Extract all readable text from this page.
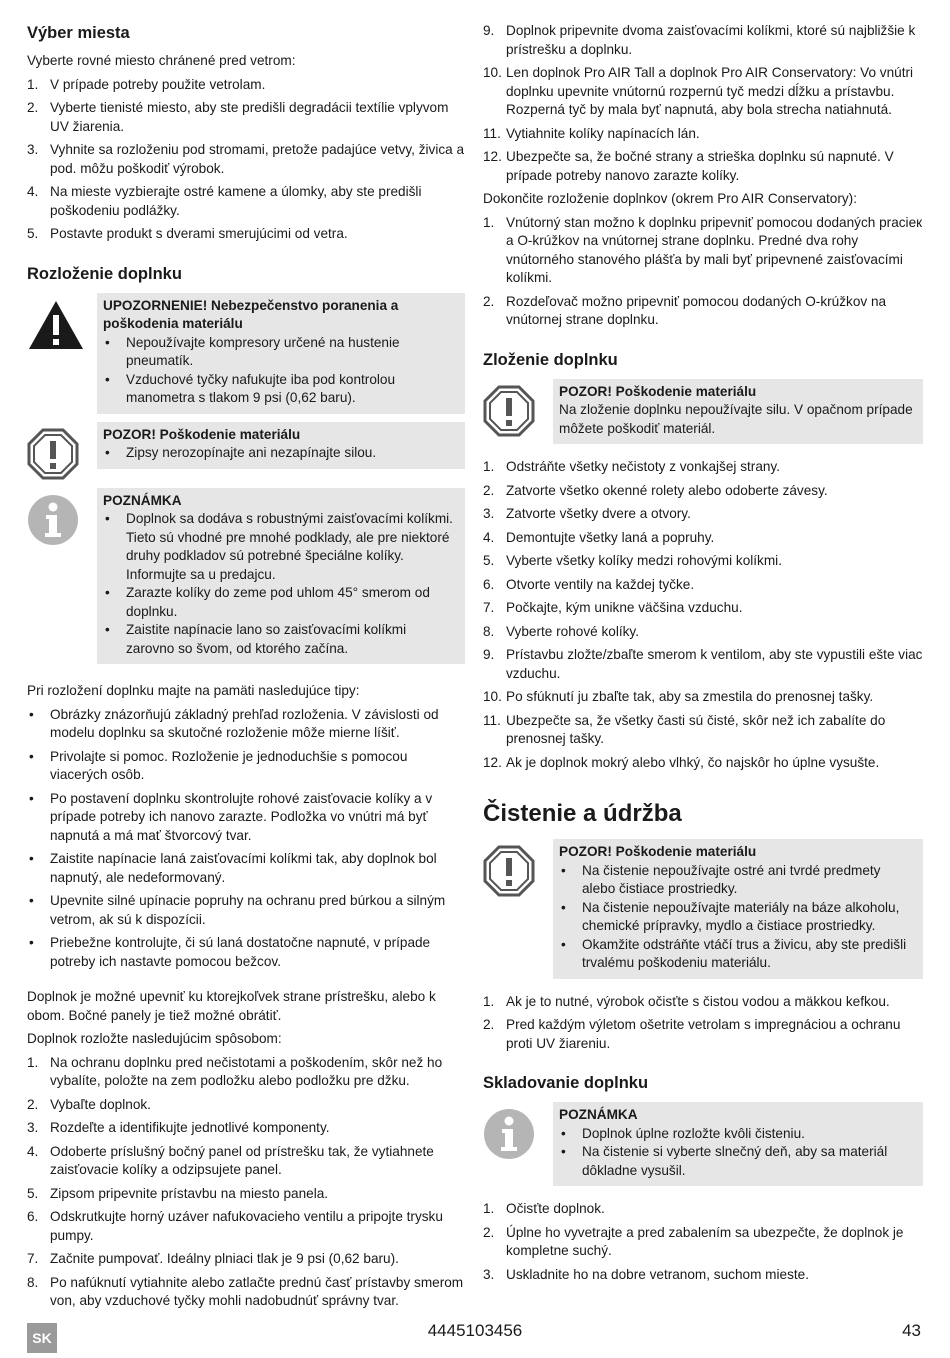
Výber miesta

Vyberte rovné miesto chránené pred vetrom:

1. V prípade potreby použite vetrolam.
2. Vyberte tienisté miesto, aby ste predišli degradácii textílie vplyvom UV žiarenia.
3. Vyhnite sa rozloženiu pod stromami, pretože padajúce vetvy, živica a pod. môžu poškodiť výrobok.
4. Na mieste vyzbierajte ostré kamene a úlomky, aby ste predišli poškodeniu podlážky.
5. Postavte produkt s dverami smerujúcimi od vetra.
Rozloženie doplnku
UPOZORNENIE! Nebezpečenstvo poranenia a poškodenia materiálu
• Nepoužívajte kompresory určené na hustenie pneumatík.
• Vzduchové tyčky nafukujte iba pod kontrolou manometra s tlakom 9 psi (0,62 baru).
POZOR! Poškodenie materiálu
• Zipsy nerozopínajte ani nezapínajte silou.
POZNÁMKA
• Doplnok sa dodáva s robustnými zaisťovacími kolíkmi. Tieto sú vhodné pre mnohé podklady, ale pre niektoré druhy podkladov sú potrebné špeciálne kolíky. Informujte sa u predajcu.
• Zarazte kolíky do zeme pod uhlom 45° smerom od doplnku.
• Zaistite napínacie lano so zaisťovacími kolíkmi zarovno so švom, od ktorého začína.

Pri rozložení doplnku majte na pamäti nasledujúce tipy:

• Obrázky znázorňujú základný prehľad rozloženia. V závislosti od modelu doplnku sa skutočné rozloženie môže mierne líšiť.
• Privolajte si pomoc. Rozloženie je jednoduchšie s pomocou viacerých osôb.
• Po postavení doplnku skontrolujte rohové zaisťovacie kolíky a v prípade potreby ich nanovo zarazte. Podložka vo vnútri má byť napnutá a má mať štvorcový tvar.
• Zaistite napínacie laná zaisťovacími kolíkmi tak, aby doplnok bol napnutý, ale nedeformovaný.
• Upevnite silné upínacie popruhy na ochranu pred búrkou a silným vetrom, ak sú k dispozícii.
• Priebežne kontrolujte, či sú laná dostatočne napnuté, v prípade potreby ich nastavte pomocou bežcov.

Doplnok je možné upevniť ku ktorejkoľvek strane prístrešku, alebo k obom. Bočné panely je tiež možné obrátiť.

Doplnok rozložte nasledujúcim spôsobom:

1. Na ochranu doplnku pred nečistotami a poškodením, skôr než ho vybalíte, položte na zem podložku alebo podložku pre džku.
2. Vybaľte doplnok.
3. Rozdeľte a identifikujte jednotlivé komponenty.
4. Odoberte príslušný bočný panel od prístrešku tak, že vytiahnete zaisťovacie kolíky a odzipsujete panel.
5. Zipsom pripevnite prístavbu na miesto panela.
6. Odskrutkujte horný uzáver nafukovacieho ventilu a pripojte trysku pumpy.
7. Začnite pumpovať. Ideálny plniaci tlak je 9 psi (0,62 baru).
8. Po nafúknutí vytiahnite alebo zatlačte prednú časť prístavby smerom von, aby vzduchové tyčky mohli nadobudnúť správny tvar.
9. Doplnok pripevnite dvoma zaisťovacími kolíkmi, ktoré sú najbližšie k prístrešku a doplnku.
10. Len doplnok Pro AIR Tall a doplnok Pro AIR Conservatory: Vo vnútri doplnku upevnite vnútornú rozpernú tyč medzi dĺžku a prístavbu. Rozperná tyč by mala byť napnutá, aby bola strecha natiahnutá.
11. Vytiahnite kolíky napínacích lán.
12. Ubezpečte sa, že bočné strany a strieška doplnku sú napnuté. V prípade potreby nanovo zarazte kolíky.

Dokončite rozloženie doplnkov (okrem Pro AIR Conservatory):

1. Vnútorný stan možno k doplnku pripevniť pomocou dodaných pracieк a O-krúžkov na vnútornej strane doplnku. Predné dva rohy vnútorného stanového plášťa by mali byť pripevnené zaisťovacími kolíkmi.
2. Rozdeľovač možno pripevniť pomocou dodaných O-krúžkov na vnútornej strane doplnku.
Zloženie doplnku
POZOR! Poškodenie materiálu
Na zloženie doplnku nepoužívajte silu. V opačnom prípade môžete poškodiť materiál.
1. Odstráňte všetky nečistoty z vonkajšej strany.
2. Zatvorte všetko okenné rolety alebo odoberte závesy.
3. Zatvorte všetky dvere a otvory.
4. Demontujte všetky laná a popruhy.
5. Vyberte všetky kolíky medzi rohovými kolíkmi.
6. Otvorte ventily na každej tyčke.
7. Počkajte, kým unikne väčšina vzduchu.
8. Vyberte rohové kolíky.
9. Prístavbu zložte/zbaľte smerom k ventilom, aby ste vypustili ešte viac vzduchu.
10. Po sfúknutí ju zbaľte tak, aby sa zmestila do prenosnej tašky.
11. Ubezpečte sa, že všetky časti sú čisté, skôr než ich zabalíte do prenosnej tašky.
12. Ak je doplnok mokrý alebo vlhký, čo najskôr ho úplne vysušte.
Čistenie a údržba
POZOR! Poškodenie materiálu
• Na čistenie nepoužívajte ostré ani tvrdé predmety alebo čistiace prostriedky.
• Na čistenie nepoužívajte materiály na báze alkoholu, chemické prípravky, mydlo a čistiace prostriedky.
• Okamžite odstráňte vtáčí trus a živicu, aby ste predišli trvalému poškodeniu materiálu.
1. Ak je to nutné, výrobok očisťte s čistou vodou a mäkkou kefkou.
2. Pred každým výletom ošetrite vetrolam s impregnáciou a ochranu proti UV žiareniu.
Skladovanie doplnku
POZNÁMKA
• Doplnok úplne rozložte kvôli čisteniu.
• Na čistenie si vyberte slnečný deň, aby sa materiál dôkladne vysušil.
1. Očisťte doplnok.
2. Úplne ho vyvetrajte a pred zabalením sa ubezpečte, že doplnok je kompletne suchý.
3. Uskladnite ho na dobre vetranom, suchom mieste.
SK	4445103456	43
